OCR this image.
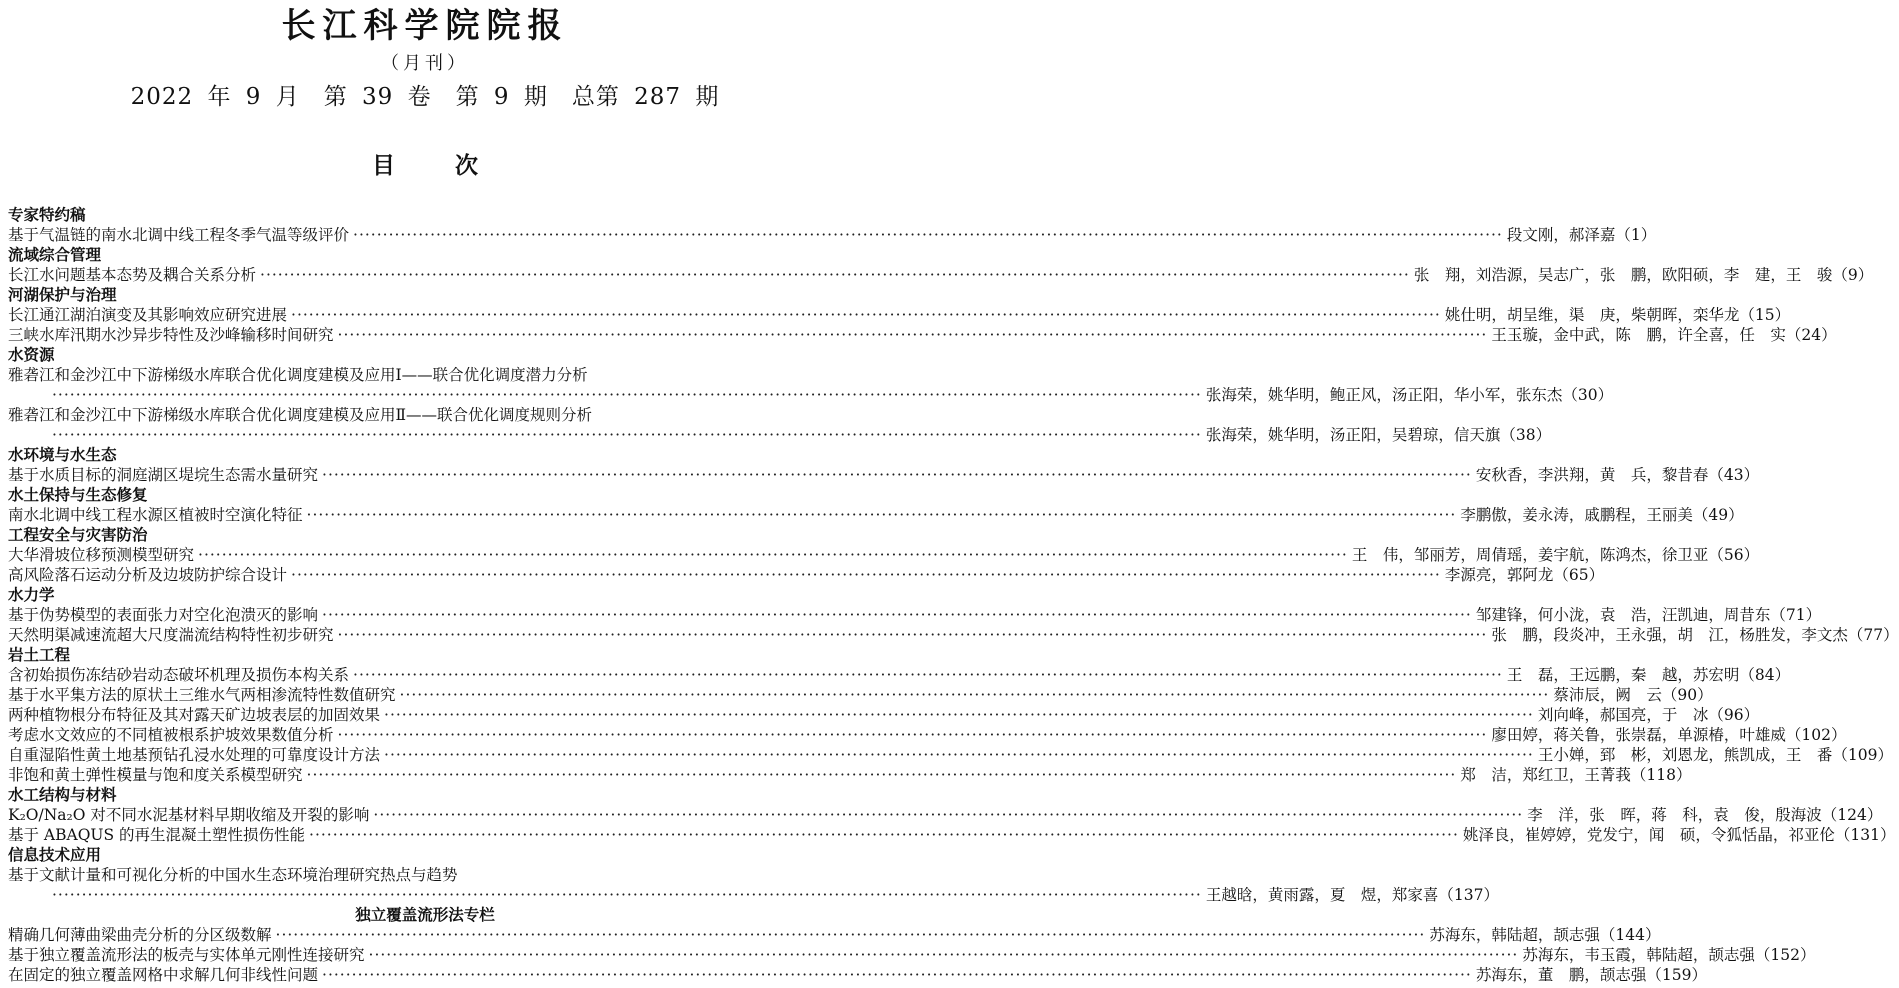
长江科学院院报
（月刊）
2022 年 9 月　第 39 卷　第 9 期　总第 287 期
目次
专家特约稿
基于气温链的南水北调中线工程冬季气温等级评价 ·····	段文刚，郝泽嘉 （1）
流域综合管理
长江水问题基本态势及耦合关系分析 ·····	张　翔，刘浩源，吴志广，张　鹏，欧阳硕，李　建，王　骏 （9）
河湖保护与治理
长江通江湖泊演变及其影响效应研究进展 ·····	姚仕明，胡呈维，渠　庚，柴朝晖，栾华龙 （15）
三峡水库汛期水沙异步特性及沙峰输移时间研究 ·····	王玉璇，金中武，陈　鹏，许全喜，任　实 （24）
水资源
雅砻江和金沙江中下游梯级水库联合优化调度建模及应用Ⅰ——联合优化调度潜力分析
·····
张海荣，姚华明，鲍正风，汤正阳，华小军，张东杰 （30）
雅砻江和金沙江中下游梯级水库联合优化调度建模及应用Ⅱ——联合优化调度规则分析
·····
张海荣，姚华明，汤正阳，吴碧琼，信天旗 （38）
水环境与水生态
基于水质目标的洞庭湖区堤垸生态需水量研究 ·····	安秋香，李洪翔，黄　兵，黎昔春 （43）
水土保持与生态修复
南水北调中线工程水源区植被时空演化特征 ·····	李鹏傲，姜永涛，戚鹏程，王丽美 （49）
工程安全与灾害防治
大华滑坡位移预测模型研究 ·····	王　伟，邹丽芳，周倩瑶，姜宇航，陈鸿杰，徐卫亚 （56）
高风险落石运动分析及边坡防护综合设计 ·····	李源亮，郭阿龙 （65）
水力学
基于伪势模型的表面张力对空化泡溃灭的影响 ·····	邹建锋，何小泷，袁　浩，汪凯迪，周昔东 （71）
天然明渠减速流超大尺度湍流结构特性初步研究 ·····	张　鹏，段炎冲，王永强，胡　江，杨胜发，李文杰 （77）
岩土工程
含初始损伤冻结砂岩动态破坏机理及损伤本构关系 ·····	王　磊，王远鹏，秦　越，苏宏明 （84）
基于水平集方法的原状土三维水气两相渗流特性数值研究 ·····	蔡沛辰，阙　云 （90）
两种植物根分布特征及其对露天矿边坡表层的加固效果 ·····	刘向峰，郝国亮，于　冰 （96）
考虑水文效应的不同植被根系护坡效果数值分析 ·····	廖田婷，蒋关鲁，张崇磊，单源椿，叶雄威 （102）
自重湿陷性黄土地基预钻孔浸水处理的可靠度设计方法 ·····	王小婵，郅　彬，刘恩龙，熊凯成，王　番 （109）
非饱和黄土弹性模量与饱和度关系模型研究 ·····	郑　洁，郑红卫，王菁莪 （118）
水工结构与材料
K₂O/Na₂O 对不同水泥基材料早期收缩及开裂的影响 ·····	李　洋，张　晖，蒋　科，袁　俊，殷海波 （124）
基于 ABAQUS 的再生混凝土塑性损伤性能 ·····	姚泽良，崔婷婷，党发宁，闻　硕，令狐恬晶，祁亚伦 （131）
信息技术应用
基于文献计量和可视化分析的中国水生态环境治理研究热点与趋势
·····
王越晗，黄雨露，夏　煜，郑家喜 （137）
独立覆盖流形法专栏
精确几何薄曲梁曲壳分析的分区级数解 ·····	苏海东，韩陆超，颉志强 （144）
基于独立覆盖流形法的板壳与实体单元刚性连接研究 ·····	苏海东，韦玉霞，韩陆超，颉志强 （152）
在固定的独立覆盖网格中求解几何非线性问题 ·····	苏海东，董　鹏，颉志强 （159）
